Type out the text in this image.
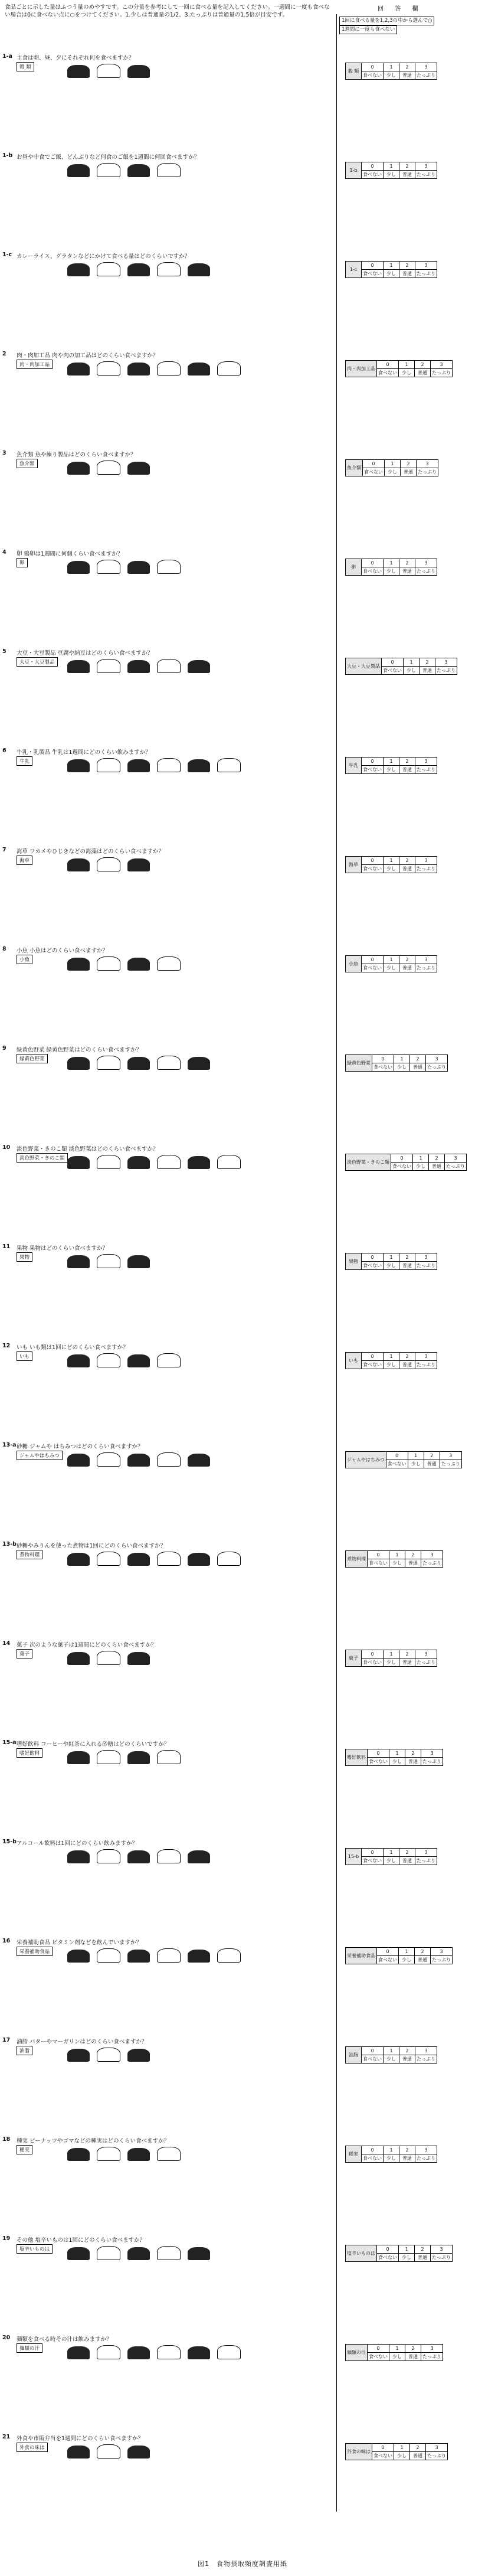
食品ごとに示した量はふつう量のめやすです。この分量を参考にして一回に食べる量を記入してください。一週間に一度も食べない場合は0に食べない点に○をつけてください。1.少しは普通量の1/2、3.たっぷりは普通量の1.5倍が目安です。
回 答 欄
1回に食べる量を1,2,3の中から選んで○ 1週間に一度も食べない
1-a 主食は朝、昼、夕にそれぞれ何を食べますか？
穀 類
穀 類	0	1	2	3
	食べない	少し	普通	たっぷり
1-b お昼や中食でご飯、どんぶりなど何食のご飯を1週間に何回食べますか？
1-b	0	1	2	3
	食べない	少し	普通	たっぷり
1-c カレーライス、グラタンなどにかけて食べる量はどのくらいですか？
1-c	0	1	2	3
	食べない	少し	普通	たっぷり
2 肉・肉加工品 肉や肉の加工品はどのくらい食べますか？
肉・肉加工品
肉・肉加工品	0	1	2	3
	食べない	少し	普通	たっぷり
3 魚介類 魚や練り製品はどのくらい食べますか？
魚介類
魚介類	0	1	2	3
	食べない	少し	普通	たっぷり
4 卵 鶏卵は1週間に何個くらい食べますか？
卵
卵	0	1	2	3
	食べない	少し	普通	たっぷり
5 大豆・大豆製品 豆腐や納豆はどのくらい食べますか？
大豆・大豆製品
大豆・大豆製品	0	1	2	3
	食べない	少し	普通	たっぷり
6 牛乳・乳製品 牛乳は1週間にどのくらい飲みますか？
牛乳
牛乳	0	1	2	3
	食べない	少し	普通	たっぷり
7 海草 ワカメやひじきなどの海藻はどのくらい食べますか？
海草
海草	0	1	2	3
	食べない	少し	普通	たっぷり
8 小魚 小魚はどのくらい食べますか？
小魚
小魚	0	1	2	3
	食べない	少し	普通	たっぷり
9 緑黄色野菜 緑黄色野菜はどのくらい食べますか？
緑黄色野菜
緑黄色野菜	0	1	2	3
	食べない	少し	普通	たっぷり
10 淡色野菜・きのこ類 淡色野菜はどのくらい食べますか？
淡色野菜・きのこ類
淡色野菜・きのこ類	0	1	2	3
	食べない	少し	普通	たっぷり
11 果物 果物はどのくらい食べますか？
果物
果物	0	1	2	3
	食べない	少し	普通	たっぷり
12 いも いも類は1回にどのくらい食べますか？
いも
いも	0	1	2	3
	食べない	少し	普通	たっぷり
13-a 砂糖 ジャムや はちみつはどのくらい食べますか？
ジャムやはちみつ
ジャムやはちみつ	0	1	2	3
	食べない	少し	普通	たっぷり
13-b 砂糖やみりんを使った煮物は1回にどのくらい食べますか？
煮物料理
煮物料理	0	1	2	3
	食べない	少し	普通	たっぷり
14 菓子 次のような菓子は1週間にどのくらい食べますか？
菓子
菓子	0	1	2	3
	食べない	少し	普通	たっぷり
15-a 嗜好飲料 コーヒーや紅茶に入れる砂糖はどのくらいですか？
嗜好飲料
嗜好飲料	0	1	2	3
	食べない	少し	普通	たっぷり
15-b アルコール飲料は1回にどのくらい飲みますか？
15-b	0	1	2	3
	食べない	少し	普通	たっぷり
16 栄養補助食品 ビタミン剤などを飲んでいますか？
栄養補助食品
栄養補助食品	0	1	2	3
	食べない	少し	普通	たっぷり
17 油脂 バターやマーガリンはどのくらい食べますか？
油脂
油脂	0	1	2	3
	食べない	少し	普通	たっぷり
18 種実 ピーナッツやゴマなどの種実はどのくらい食べますか？
種実
種実	0	1	2	3
	食べない	少し	普通	たっぷり
19 その他 塩辛いものは1回にどのくらい食べますか？
塩辛いものは
塩辛いものは	0	1	2	3
	食べない	少し	普通	たっぷり
20 麺類を食べる時その汁は飲みますか？
麺類の汁
麺類の汁	0	1	2	3
	食べない	少し	普通	たっぷり
21 外食や市販弁当を1週間にどのくらい食べますか？
外食の味は
外食の味は	0	1	2	3
	食べない	少し	普通	たっぷり
図1　食物摂取頻度調査用紙
